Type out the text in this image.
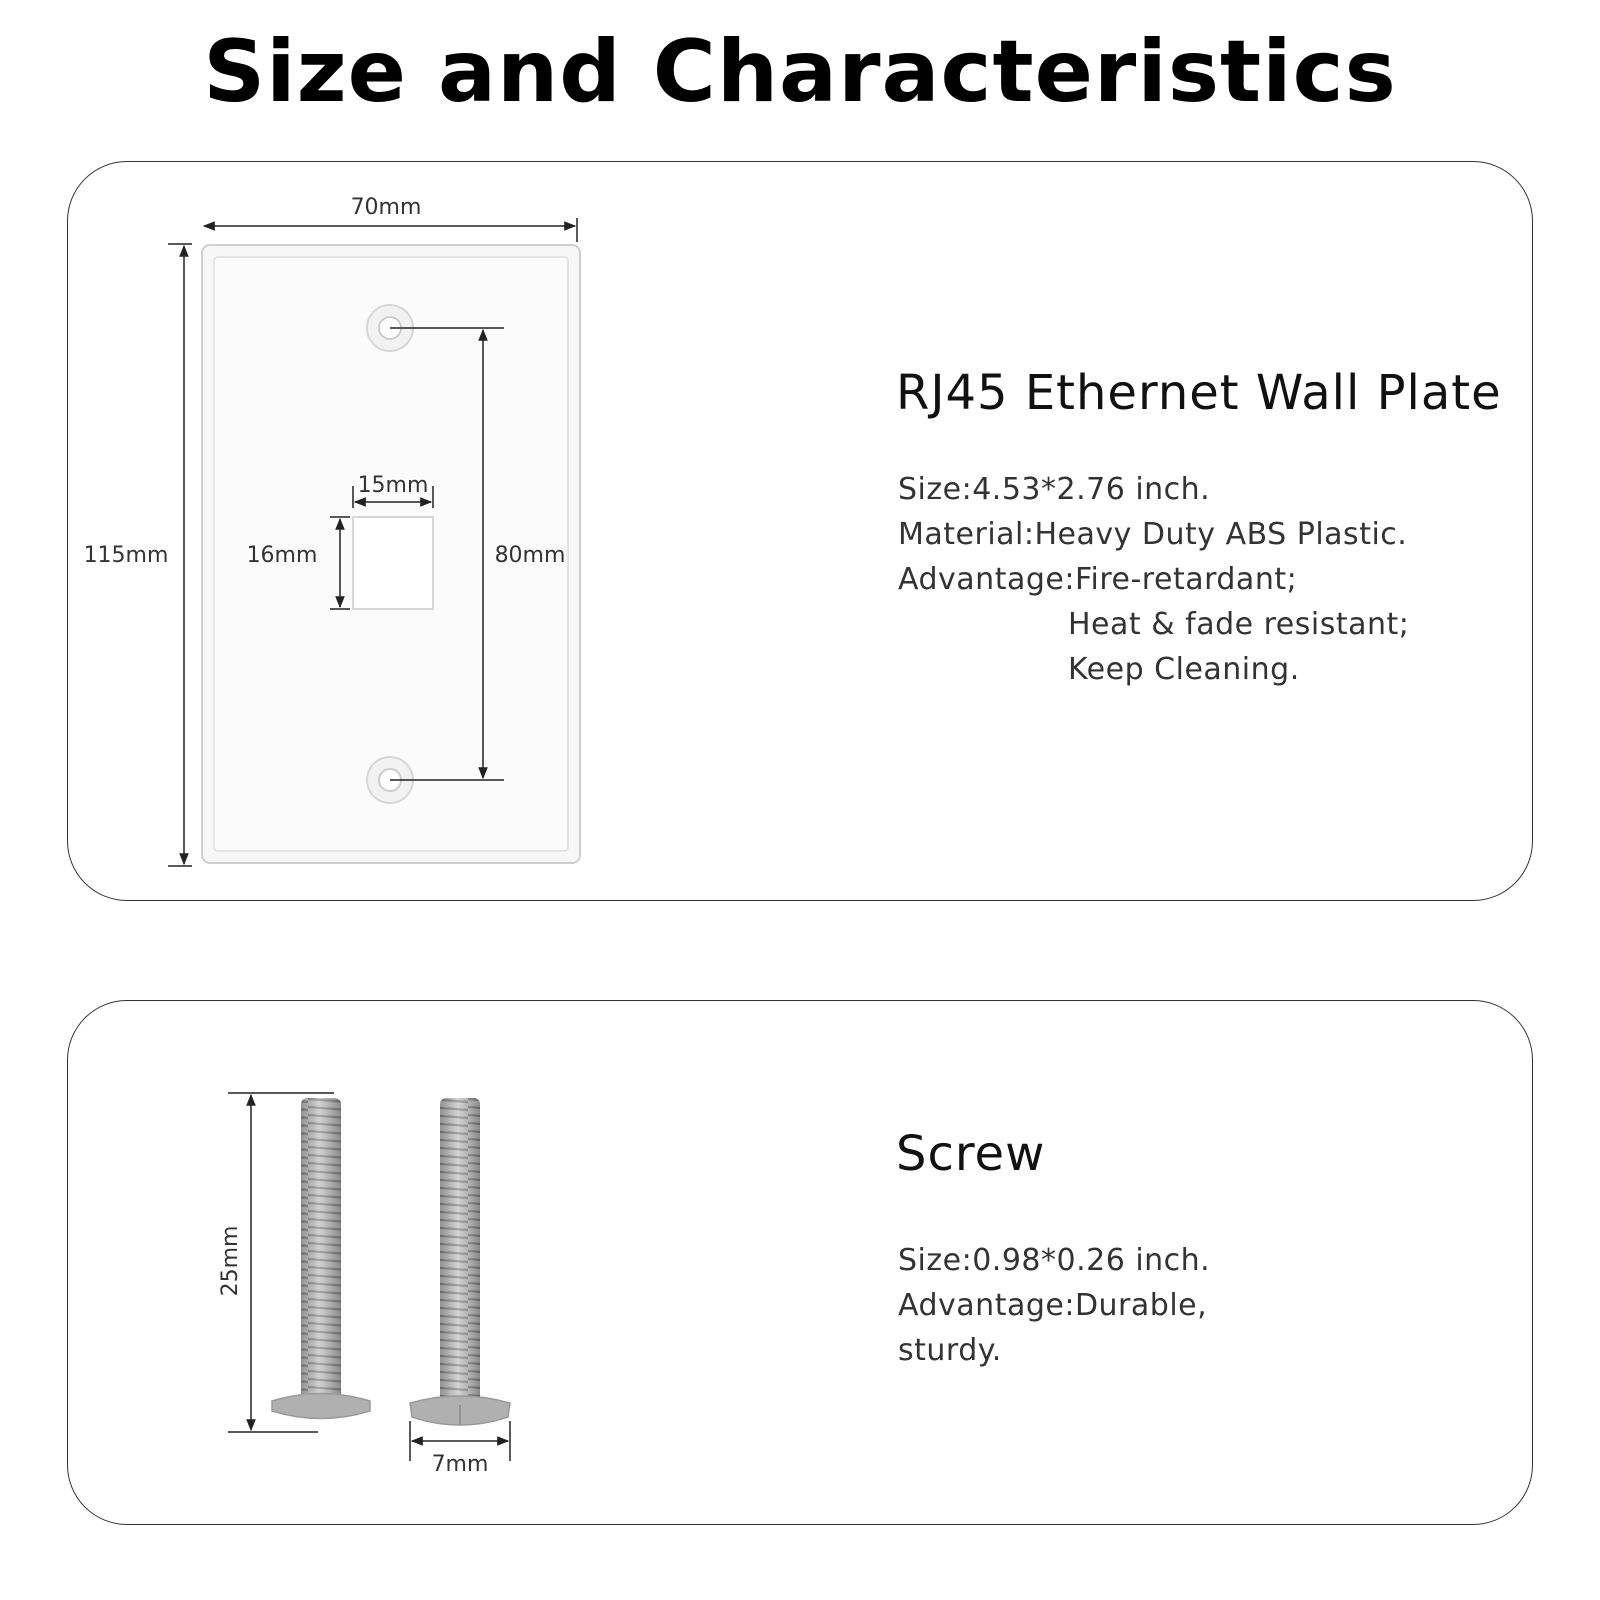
Size and Characteristics
70mm
115mm	80mm
15mm
16mm
RJ45 Ethernet Wall Plate
Size:4.53*2.76 inch.
Material:Heavy Duty ABS Plastic.
Advantage:Fire-retardant;
Heat & fade resistant;
Keep Cleaning.
25mm
7mm
Screw
Size:0.98*0.26 inch.
Advantage:Durable,
sturdy.
